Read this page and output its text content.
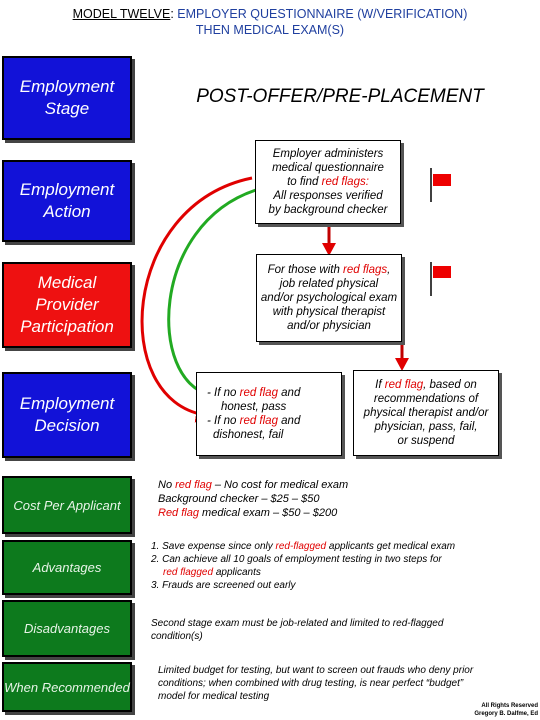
MODEL TWELVE: EMPLOYER QUESTIONNAIRE (W/VERIFICATION)
THEN MEDICAL EXAM(S)
Employment Stage
Employment Action
Medical Provider Participation
Employment Decision
Cost Per Applicant
Advantages
Disadvantages
When Recommended
POST-OFFER/PRE-PLACEMENT
Employer administers
medical questionnaire
to find red flags:
All responses verified
by background checker
For those with red flags,
job related physical
and/or psychological exam
with physical therapist
and/or physician
- If no red flag and
honest, pass
- If no red flag and
dishonest, fail
If red flag, based on
recommendations of
physical therapist and/or
physician, pass, fail,
or suspend
No red flag – No cost for medical exam
Background checker – $25 – $50
Red flag medical exam – $50 – $200
1. Save expense since only red-flagged applicants get medical exam
2. Can achieve all 10 goals of employment testing in two steps for
red flagged applicants
3. Frauds are screened out early
Second stage exam must be job-related and limited to red-flagged
condition(s)
Limited budget for testing, but want to screen out frauds who deny prior
conditions; when combined with drug testing, is near perfect “budget”
model for medical testing
All Rights Reserved
Gregory B. Dalfme, Ed
